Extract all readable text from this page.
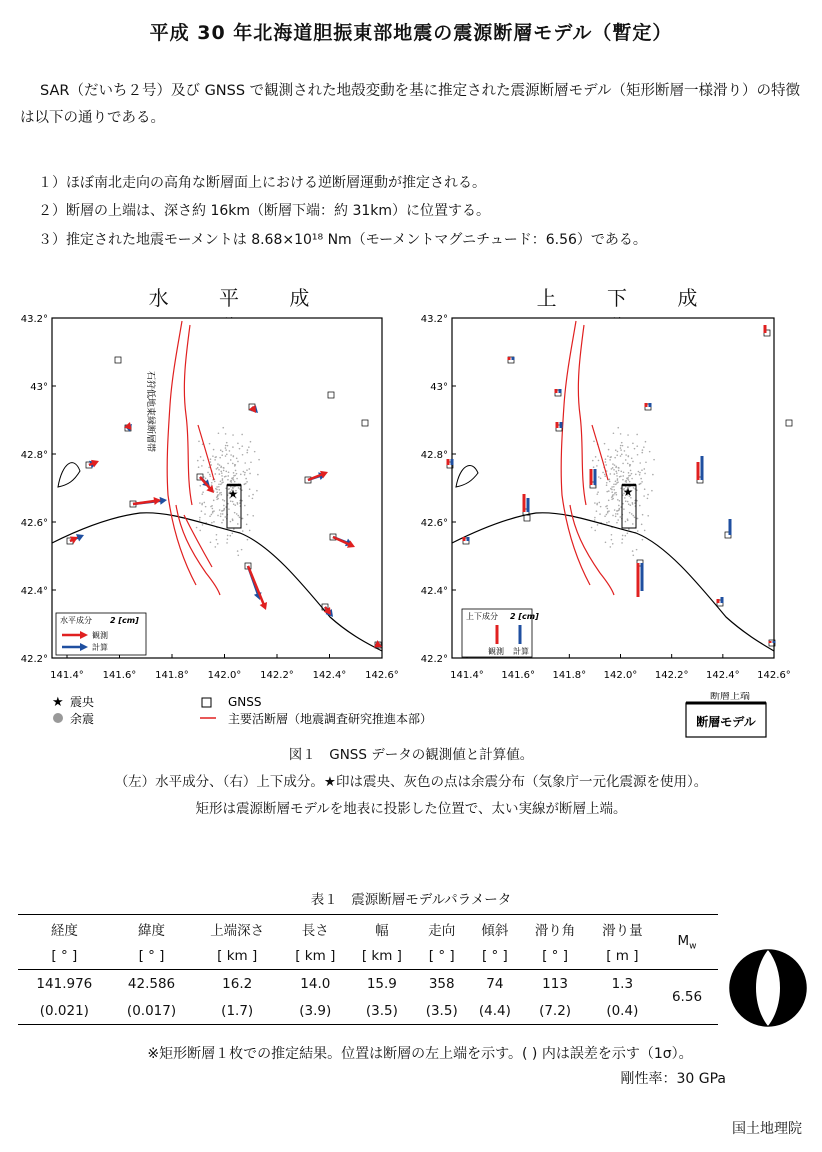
平成 30 年北海道胆振東部地震の震源断層モデル（暫定）
SAR（だいち２号）及び GNSS で観測された地殻変動を基に推定された震源断層モデル（矩形断層一様滑り）の特徴は以下の通りである。
１）ほぼ南北走向の高角な断層面上における逆断層運動が推定される。
２）断層の上端は、深さ約 16km（断層下端：約 31km）に位置する。
３）推定された地震モーメントは 8.68×10¹⁸ Nm（モーメントマグニチュード：6.56）である。
水 平 成	上 下 成
43.2°
43°
42.8°
42.6°
42.4°
42.2°
141.4° 141.6° 141.8° 142.0° 142.2° 142.4° 142.6°
★
石狩低地東縁断層帯
水平成分 2 [cm]
観測
計算
43.2°
43°
42.8°
42.6°
42.4°
42.2°
141.4° 141.6° 141.8° 142.0° 142.2° 142.4° 142.6°
★
上下成分 2 [cm]
観測 計算
★ 震央
余震
GNSS
主要活断層（地震調査研究推進本部）
断層上端
断層モデル
図１　GNSS データの観測値と計算値。
（左）水平成分、（右）上下成分。★印は震央、灰色の点は余震分布（気象庁一元化震源を使用）。
矩形は震源断層モデルを地表に投影した位置で、太い実線が断層上端。
表１　震源断層モデルパラメータ
経度	緯度	上端深さ	長さ	幅	走向	傾斜	滑り角	滑り量	$M_w$
[ ° ]	[ ° ]	[ km ]	[ km ]	[ km ]	[ ° ]	[ ° ]	[ ° ]	[ m ]	
141.976	42.586	16.2	14.0	15.9	358	74	113	1.3	6.56
(0.021)	(0.017)	(1.7)	(3.9)	(3.5)	(3.5)	(4.4)	(7.2)	(0.4)	
※矩形断層１枚での推定結果。位置は断層の左上端を示す。( ) 内は誤差を示す（1σ）。
剛性率：30 GPa
国土地理院
